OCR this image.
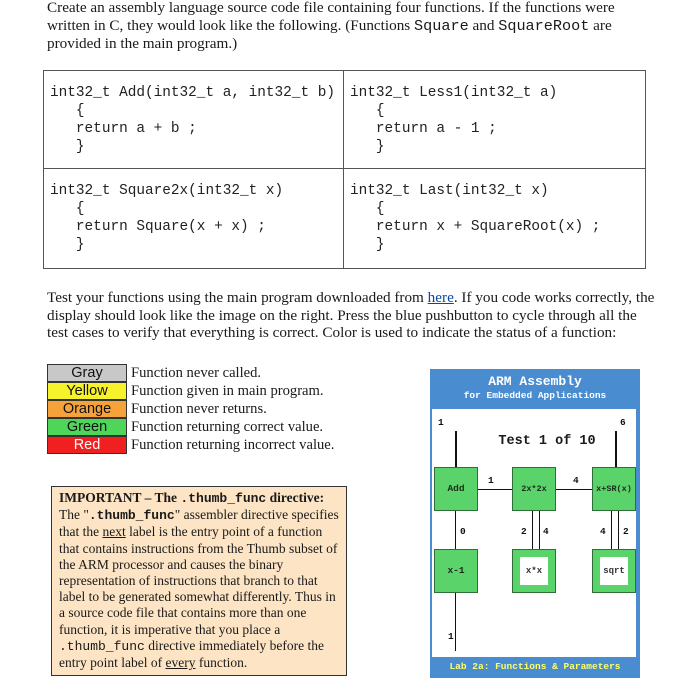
Create an assembly language source code file containing four functions. If the functions were written in C, they would look like the following. (Functions Square and SquareRoot are provided in the main program.)
int32_t Add(int32_t a, int32_t b)
{
return a + b ;
}
int32_t Less1(int32_t a)
{
return a - 1 ;
}
int32_t Square2x(int32_t x)
{
return Square(x + x) ;
}
int32_t Last(int32_t x)
{
return x + SquareRoot(x) ;
}
Test your functions using the main program downloaded from here. If you code works correctly, the display should look like the image on the right. Press the blue pushbutton to cycle through all the test cases to verify that everything is correct. Color is used to indicate the status of a function:
Gray	Function never called.
Yellow	Function given in main program.
Orange	Function never returns.
Green	Function returning correct value.
Red	Function returning incorrect value.
IMPORTANT – The .thumb_func directive:
The ".thumb_func" assembler directive specifies that the next label is the entry point of a function that contains instructions from the Thumb subset of the ARM processor and causes the binary representation of instructions that branch to that label to be generated somewhat differently. Thus in a source code file that contains more than one function, it is imperative that you place a .thumb_func directive immediately before the entry point label of every function.
ARM Assembly
for Embedded Applications
1	6
Test 1 of 10
Add	2x*2x	x+SR(x)
1	4
0	2 4	4 2
x-1	x*x	sqrt
1
Lab 2a: Functions & Parameters
